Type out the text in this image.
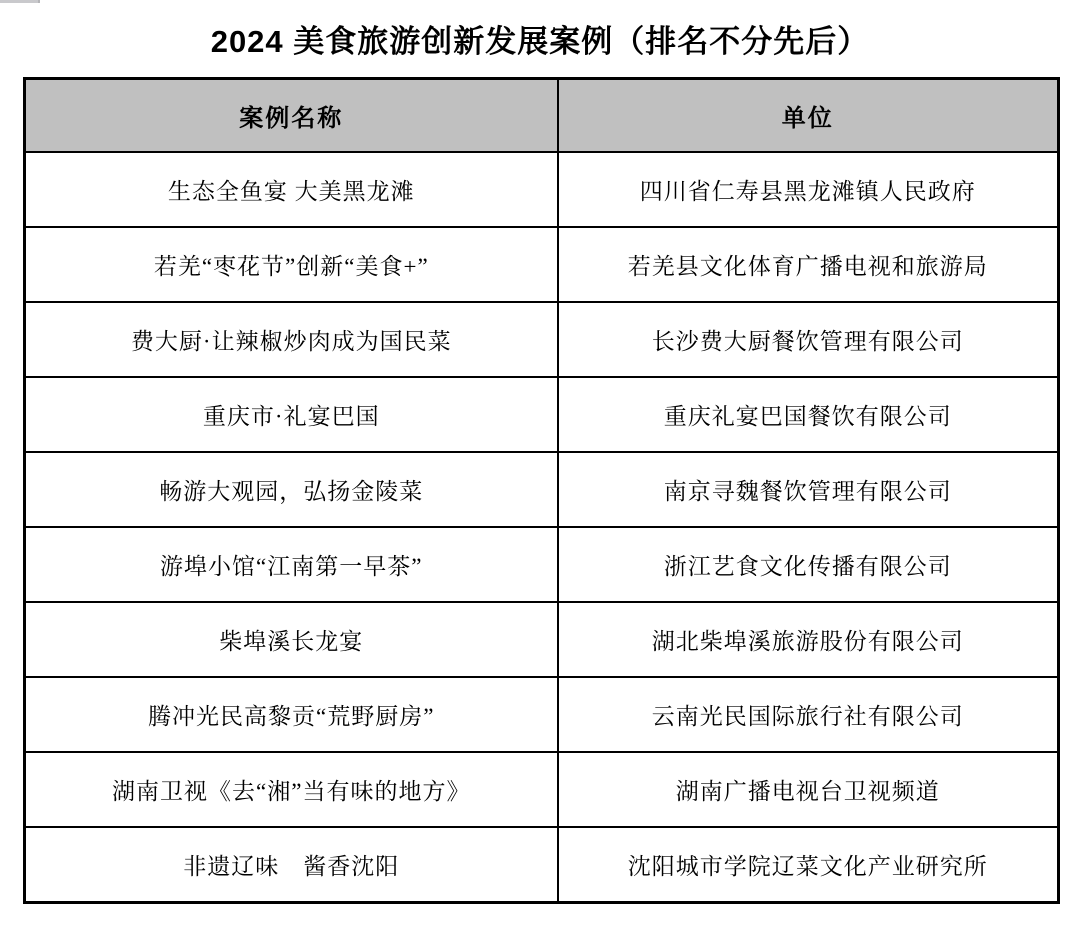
2024 美食旅游创新发展案例（排名不分先后）
案例名称	单位
生态全鱼宴 大美黑龙滩	四川省仁寿县黑龙滩镇人民政府
若羌“枣花节”创新“美食+”	若羌县文化体育广播电视和旅游局
费大厨·让辣椒炒肉成为国民菜	长沙费大厨餐饮管理有限公司
重庆市·礼宴巴国	重庆礼宴巴国餐饮有限公司
畅游大观园，弘扬金陵菜	南京寻魏餐饮管理有限公司
游埠小馆“江南第一早茶”	浙江艺食文化传播有限公司
柴埠溪长龙宴	湖北柴埠溪旅游股份有限公司
腾冲光民高黎贡“荒野厨房”	云南光民国际旅行社有限公司
湖南卫视《去“湘”当有味的地方》	湖南广播电视台卫视频道
非遗辽味　酱香沈阳	沈阳城市学院辽菜文化产业研究所
